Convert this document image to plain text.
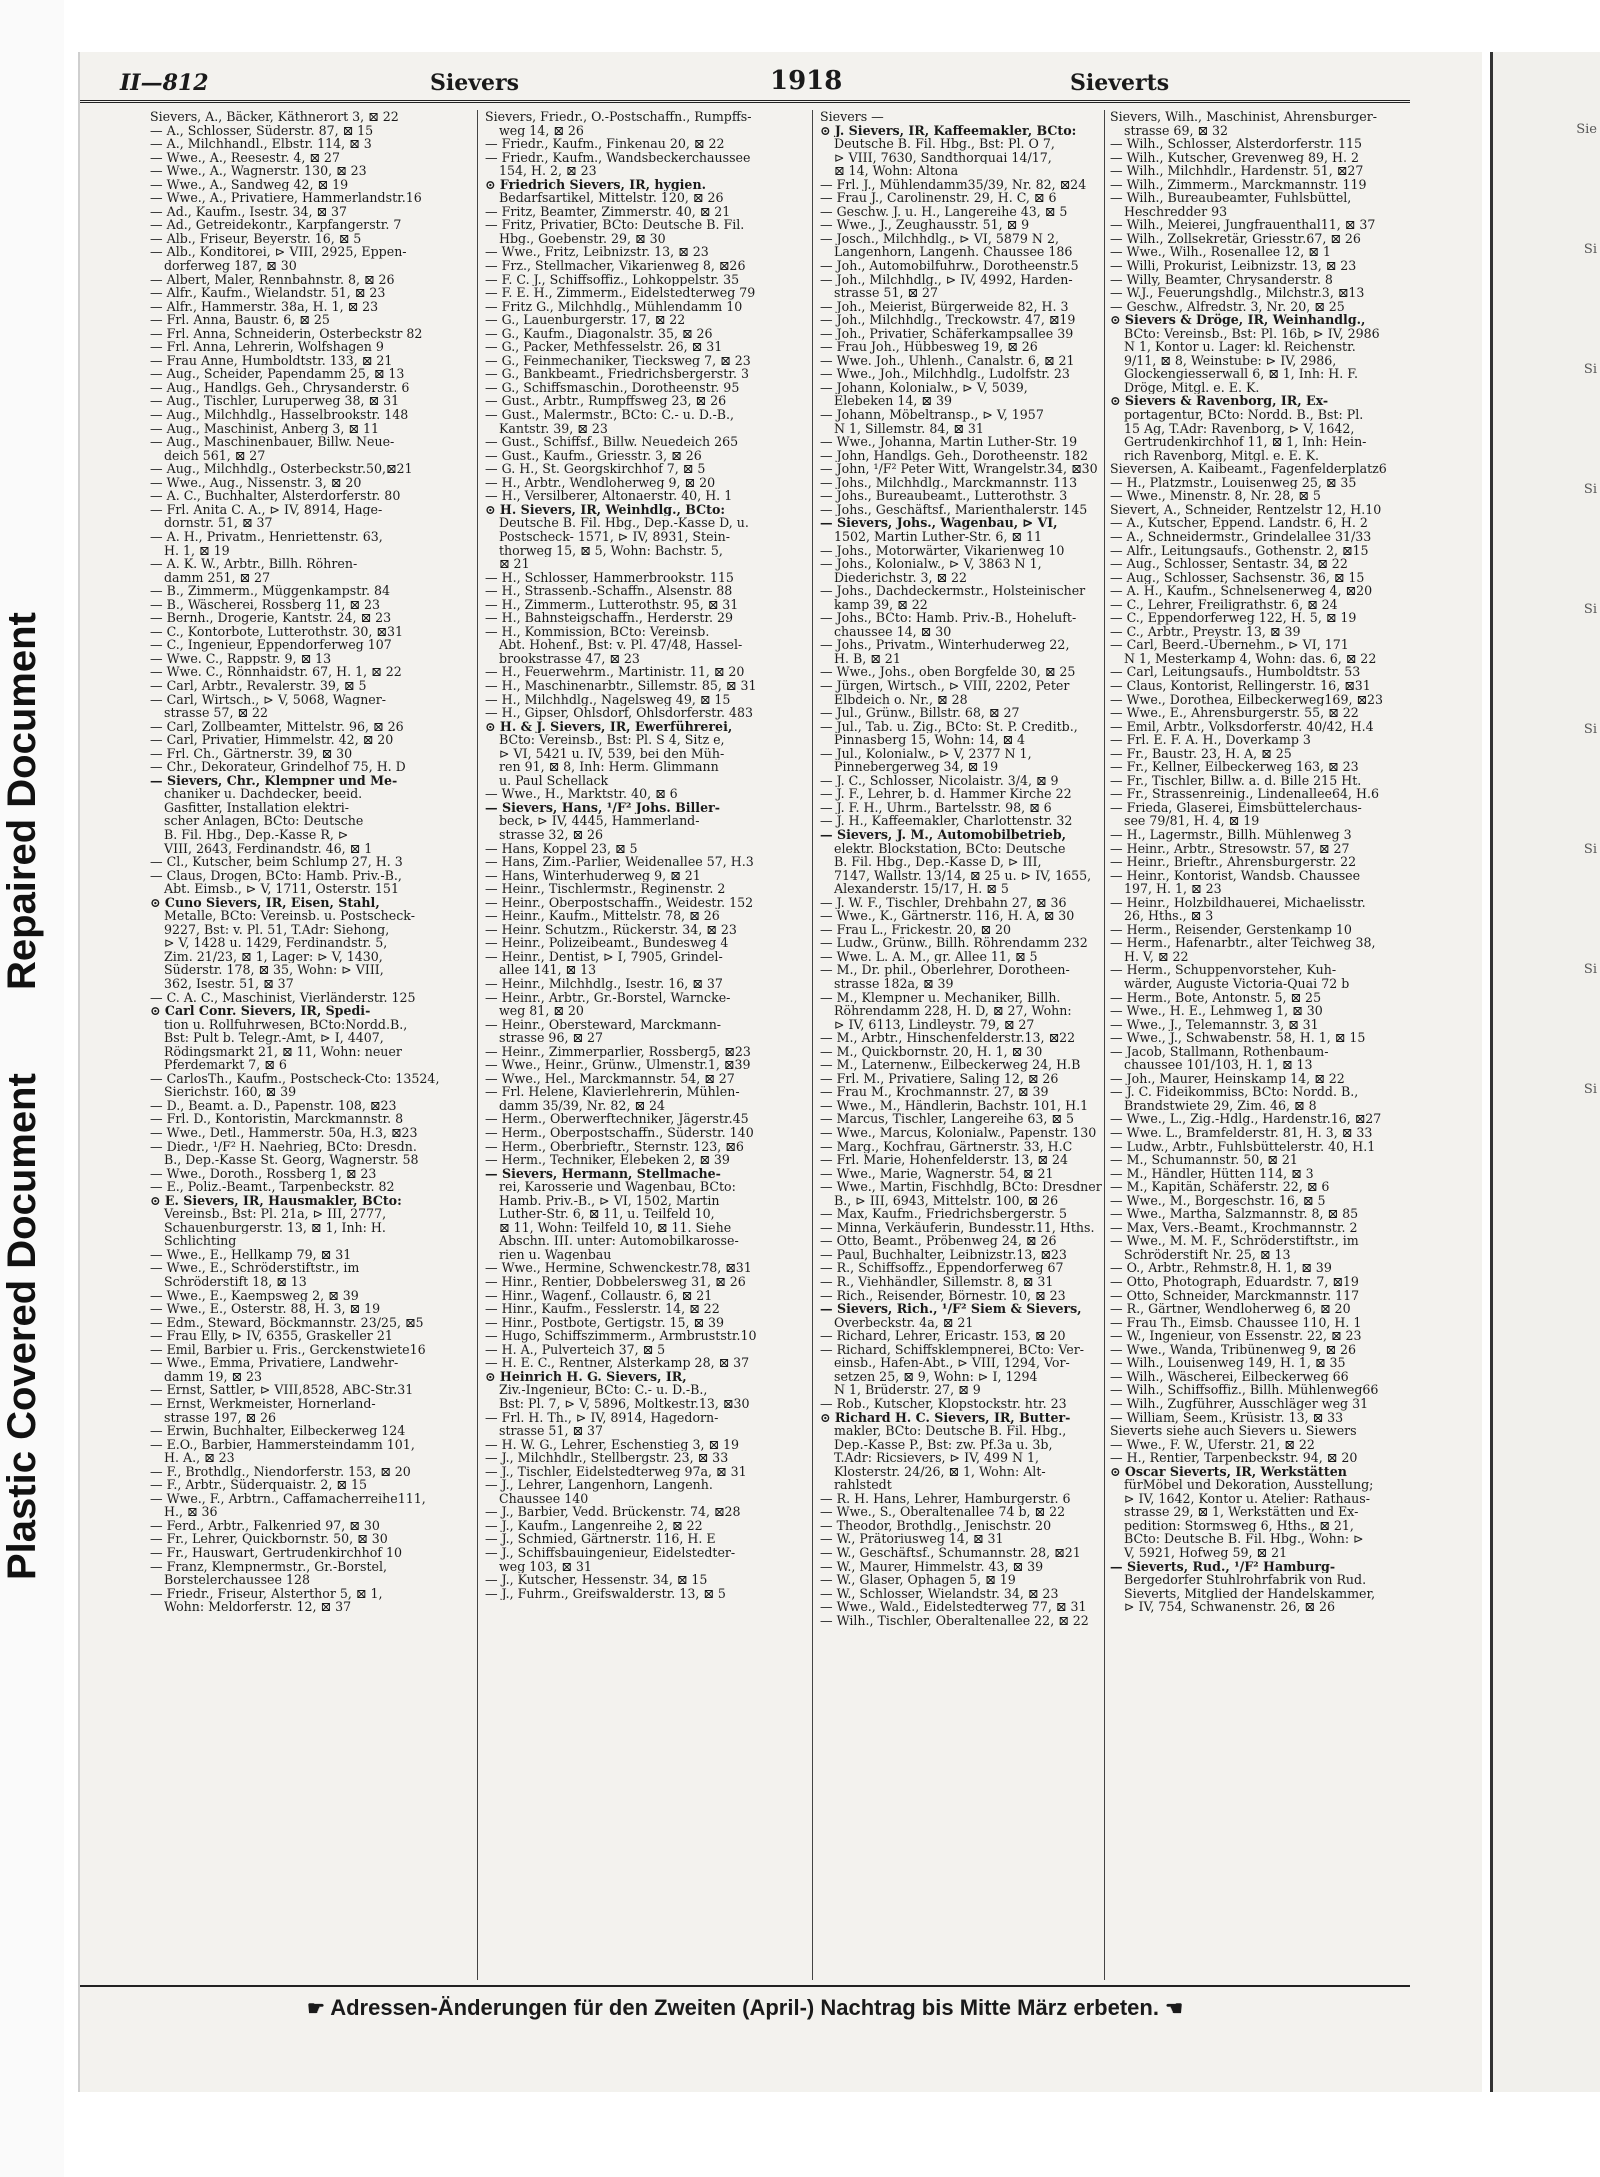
Plastic Covered Document
Repaired Document
Sie
Si
Si
Si
Si
Si
Si
Si
Si
II—812	Sievers	1918	Sieverts
Sievers, A., Bäcker, Käthnerort 3, ⊠ 22
— A., Schlosser, Süderstr. 87, ⊠ 15
— A., Milchhandl., Elbstr. 114, ⊠ 3
— Wwe., A., Reesestr. 4, ⊠ 27
— Wwe., A., Wagnerstr. 130, ⊠ 23
— Wwe., A., Sandweg 42, ⊠ 19
— Wwe., A., Privatiere, Hammerlandstr.16
— Ad., Kaufm., Isestr. 34, ⊠ 37
— Ad., Getreidekontr., Karpfangerstr. 7
— Alb., Friseur, Beyerstr. 16, ⊠ 5
— Alb., Konditorei, ⊳ VIII, 2925, Eppen-
dorferweg 187, ⊠ 30
— Albert, Maler, Rennbahnstr. 8, ⊠ 26
— Alfr., Kaufm., Wielandstr. 51, ⊠ 23
— Alfr., Hammerstr. 38a, H. 1, ⊠ 23
— Frl. Anna, Baustr. 6, ⊠ 25
— Frl. Anna, Schneiderin, Osterbeckstr 82
— Frl. Anna, Lehrerin, Wolfshagen 9
— Frau Anne, Humboldtstr. 133, ⊠ 21
— Aug., Scheider, Papendamm 25, ⊠ 13
— Aug., Handlgs. Geh., Chrysanderstr. 6
— Aug., Tischler, Luruperweg 38, ⊠ 31
— Aug., Milchhdlg., Hasselbrookstr. 148
— Aug., Maschinist, Anberg 3, ⊠ 11
— Aug., Maschinenbauer, Billw. Neue-
deich 561, ⊠ 27
— Aug., Milchhdlg., Osterbeckstr.50,⊠21
— Wwe., Aug., Nissenstr. 3, ⊠ 20
— A. C., Buchhalter, Alsterdorferstr. 80
— Frl. Anita C. A., ⊳ IV, 8914, Hage-
dornstr. 51, ⊠ 37
— A. H., Privatm., Henriettenstr. 63,
H. 1, ⊠ 19
— A. K. W., Arbtr., Billh. Röhren-
damm 251, ⊠ 27
— B., Zimmerm., Müggenkampstr. 84
— B., Wäscherei, Rossberg 11, ⊠ 23
— Bernh., Drogerie, Kantstr. 24, ⊠ 23
— C., Kontorbote, Lutterothstr. 30, ⊠31
— C., Ingenieur, Eppendorferweg 107
— Wwe. C., Rappstr. 9, ⊠ 13
— Wwe. C., Rönnhaidstr. 67, H. 1, ⊠ 22
— Carl, Arbtr., Revalerstr. 39, ⊠ 5
— Carl, Wirtsch., ⊳ V, 5068, Wagner-
strasse 57, ⊠ 22
— Carl, Zollbeamter, Mittelstr. 96, ⊠ 26
— Carl, Privatier, Himmelstr. 42, ⊠ 20
— Frl. Ch., Gärtnerstr. 39, ⊠ 30
— Chr., Dekorateur, Grindelhof 75, H. D
— Sievers, Chr., Klempner und Me-
chaniker u. Dachdecker, beeid.
Gasfitter, Installation elektri-
scher Anlagen, BCto: Deutsche
B. Fil. Hbg., Dep.-Kasse R, ⊳
VIII, 2643, Ferdinandstr. 46, ⊠ 1
— Cl., Kutscher, beim Schlump 27, H. 3
— Claus, Drogen, BCto: Hamb. Priv.-B.,
Abt. Eimsb., ⊳ V, 1711, Osterstr. 151
⊙ Cuno Sievers, IR, Eisen, Stahl,
Metalle, BCto: Vereinsb. u. Postscheck-
9227, Bst: v. Pl. 51, T.Adr: Siehong,
⊳ V, 1428 u. 1429, Ferdinandstr. 5,
Zim. 21/23, ⊠ 1, Lager: ⊳ V, 1430,
Süderstr. 178, ⊠ 35, Wohn: ⊳ VIII,
362, Isestr. 51, ⊠ 37
— C. A. C., Maschinist, Vierländerstr. 125
⊙ Carl Conr. Sievers, IR, Spedi-
tion u. Rollfuhrwesen, BCto:Nordd.B.,
Bst: Pult b. Telegr.-Amt, ⊳ I, 4407,
Rödingsmarkt 21, ⊠ 11, Wohn: neuer
Pferdemarkt 7, ⊠ 6
— CarlosTh., Kaufm., Postscheck-Cto: 13524,
Sierichstr. 160, ⊠ 39
— D., Beamt. a. D., Papenstr. 108, ⊠23
— Frl. D., Kontoristin, Marckmannstr. 8
— Wwe., Detl., Hammerstr. 50a, H.3, ⊠23
— Diedr., ¹/F² H. Naehrieg, BCto: Dresdn.
B., Dep.-Kasse St. Georg, Wagnerstr. 58
— Wwe., Doroth., Rossberg 1, ⊠ 23
— E., Poliz.-Beamt., Tarpenbeckstr. 82
⊙ E. Sievers, IR, Hausmakler, BCto:
Vereinsb., Bst: Pl. 21a, ⊳ III, 2777,
Schauenburgerstr. 13, ⊠ 1, Inh: H.
Schlichting
— Wwe., E., Hellkamp 79, ⊠ 31
— Wwe., E., Schröderstiftstr., im
Schröderstift 18, ⊠ 13
— Wwe., E., Kaempsweg 2, ⊠ 39
— Wwe., E., Osterstr. 88, H. 3, ⊠ 19
— Edm., Steward, Böckmannstr. 23/25, ⊠5
— Frau Elly, ⊳ IV, 6355, Graskeller 21
— Emil, Barbier u. Fris., Gerckenstwiete16
— Wwe., Emma, Privatiere, Landwehr-
damm 19, ⊠ 23
— Ernst, Sattler, ⊳ VIII,8528, ABC-Str.31
— Ernst, Werkmeister, Hornerland-
strasse 197, ⊠ 26
— Erwin, Buchhalter, Eilbeckerweg 124
— E.O., Barbier, Hammersteindamm 101,
H. A., ⊠ 23
— F., Brothdlg., Niendorferstr. 153, ⊠ 20
— F., Arbtr., Süderquaistr. 2, ⊠ 15
— Wwe., F., Arbtrn., Caffamacherreihe111,
H., ⊠ 36
— Ferd., Arbtr., Falkenried 97, ⊠ 30
— Fr., Lehrer, Quickbornstr. 50, ⊠ 30
— Fr., Hauswart, Gertrudenkirchhof 10
— Franz, Klempnermstr., Gr.-Borstel,
Borstelerchaussee 128
— Friedr., Friseur, Alsterthor 5, ⊠ 1,
Wohn: Meldorferstr. 12, ⊠ 37
Sievers, Friedr., O.-Postschaffn., Rumpffs-
weg 14, ⊠ 26
— Friedr., Kaufm., Finkenau 20, ⊠ 22
— Friedr., Kaufm., Wandsbeckerchaussee
154, H. 2, ⊠ 23
⊙ Friedrich Sievers, IR, hygien.
Bedarfsartikel, Mittelstr. 120, ⊠ 26
— Fritz, Beamter, Zimmerstr. 40, ⊠ 21
— Fritz, Privatier, BCto: Deutsche B. Fil.
Hbg., Goebenstr. 29, ⊠ 30
— Wwe., Fritz, Leibnizstr. 13, ⊠ 23
— Frz., Stellmacher, Vikarienweg 8, ⊠26
— F. C. J., Schiffsoffiz., Lohkoppelstr. 35
— F. E. H., Zimmerm., Eidelstedterweg 79
— Fritz G., Milchhdlg., Mühlendamm 10
— G., Lauenburgerstr. 17, ⊠ 22
— G., Kaufm., Diagonalstr. 35, ⊠ 26
— G., Packer, Methfesselstr. 26, ⊠ 31
— G., Feinmechaniker, Tiecksweg 7, ⊠ 23
— G., Bankbeamt., Friedrichsbergerstr. 3
— G., Schiffsmaschin., Dorotheenstr. 95
— Gust., Arbtr., Rumpffsweg 23, ⊠ 26
— Gust., Malermstr., BCto: C.- u. D.-B.,
Kantstr. 39, ⊠ 23
— Gust., Schiffsf., Billw. Neuedeich 265
— Gust., Kaufm., Griesstr. 3, ⊠ 26
— G. H., St. Georgskirchhof 7, ⊠ 5
— H., Arbtr., Wendloherweg 9, ⊠ 20
— H., Versilberer, Altonaerstr. 40, H. 1
⊙ H. Sievers, IR, Weinhdlg., BCto:
Deutsche B. Fil. Hbg., Dep.-Kasse D, u.
Postscheck- 1571, ⊳ IV, 8931, Stein-
thorweg 15, ⊠ 5, Wohn: Bachstr. 5,
⊠ 21
— H., Schlosser, Hammerbrookstr. 115
— H., Strassenb.-Schaffn., Alsenstr. 88
— H., Zimmerm., Lutterothstr. 95, ⊠ 31
— H., Bahnsteigschaffn., Herderstr. 29
— H., Kommission, BCto: Vereinsb.
Abt. Hohenf., Bst: v. Pl. 47/48, Hassel-
brookstrasse 47, ⊠ 23
— H., Feuerwehrm., Martinistr. 11, ⊠ 20
— H., Maschinenarbtr., Sillemstr. 85, ⊠ 31
— H., Milchhdlg., Nagelsweg 49, ⊠ 15
— H., Gipser, Ohlsdorf, Ohlsdorferstr. 483
⊙ H. & J. Sievers, IR, Ewerführerei,
BCto: Vereinsb., Bst: Pl. S 4, Sitz e,
⊳ VI, 5421 u. IV, 539, bei den Müh-
ren 91, ⊠ 8, Inh: Herm. Glimmann
u. Paul Schellack
— Wwe., H., Marktstr. 40, ⊠ 6
— Sievers, Hans, ¹/F² Johs. Biller-
beck, ⊳ IV, 4445, Hammerland-
strasse 32, ⊠ 26
— Hans, Koppel 23, ⊠ 5
— Hans, Zim.-Parlier, Weidenallee 57, H.3
— Hans, Winterhuderweg 9, ⊠ 21
— Heinr., Tischlermstr., Reginenstr. 2
— Heinr., Oberpostschaffn., Weidestr. 152
— Heinr., Kaufm., Mittelstr. 78, ⊠ 26
— Heinr. Schutzm., Rückerstr. 34, ⊠ 23
— Heinr., Polizeibeamt., Bundesweg 4
— Heinr., Dentist, ⊳ I, 7905, Grindel-
allee 141, ⊠ 13
— Heinr., Milchhdlg., Isestr. 16, ⊠ 37
— Heinr., Arbtr., Gr.-Borstel, Warncke-
weg 81, ⊠ 20
— Heinr., Obersteward, Marckmann-
strasse 96, ⊠ 27
— Heinr., Zimmerparlier, Rossberg5, ⊠23
— Wwe., Heinr., Grünw., Ulmenstr.1, ⊠39
— Wwe., Hel., Marckmannstr. 54, ⊠ 27
— Frl. Helene, Klavierlehrerin, Mühlen-
damm 35/39, Nr. 82, ⊠ 24
— Herm., Oberwerftechniker, Jägerstr.45
— Herm., Oberpostschaffn., Süderstr. 140
— Herm., Oberbrieftr., Sternstr. 123, ⊠6
— Herm., Techniker, Elebeken 2, ⊠ 39
— Sievers, Hermann, Stellmache-
rei, Karosserie und Wagenbau, BCto:
Hamb. Priv.-B., ⊳ VI, 1502, Martin
Luther-Str. 6, ⊠ 11, u. Teilfeld 10,
⊠ 11, Wohn: Teilfeld 10, ⊠ 11. Siehe
Abschn. III. unter: Automobilkarosse-
rien u. Wagenbau
— Wwe., Hermine, Schwenckestr.78, ⊠31
— Hinr., Rentier, Dobbelersweg 31, ⊠ 26
— Hinr., Wagenf., Collaustr. 6, ⊠ 21
— Hinr., Kaufm., Fesslerstr. 14, ⊠ 22
— Hinr., Postbote, Gertigstr. 15, ⊠ 39
— Hugo, Schiffszimmerm., Armbruststr.10
— H. A., Pulverteich 37, ⊠ 5
— H. E. C., Rentner, Alsterkamp 28, ⊠ 37
⊙ Heinrich H. G. Sievers, IR,
Ziv.-Ingenieur, BCto: C.- u. D.-B.,
Bst: Pl. 7, ⊳ V, 5896, Moltkestr.13, ⊠30
— Frl. H. Th., ⊳ IV, 8914, Hagedorn-
strasse 51, ⊠ 37
— H. W. G., Lehrer, Eschenstieg 3, ⊠ 19
— J., Milchhdlr., Stellbergstr. 23, ⊠ 33
— J., Tischler, Eidelstedterweg 97a, ⊠ 31
— J., Lehrer, Langenhorn, Langenh.
Chaussee 140
— J., Barbier, Vedd. Brückenstr. 74, ⊠28
— J., Kaufm., Langenreihe 2, ⊠ 22
— J., Schmied, Gärtnerstr. 116, H. E
— J., Schiffsbauingenieur, Eidelstedter-
weg 103, ⊠ 31
— J., Kutscher, Hessenstr. 34, ⊠ 15
— J., Fuhrm., Greifswalderstr. 13, ⊠ 5
Sievers —
⊙ J. Sievers, IR, Kaffeemakler, BCto:
Deutsche B. Fil. Hbg., Bst: Pl. O 7,
⊳ VIII, 7630, Sandthorquai 14/17,
⊠ 14, Wohn: Altona
— Frl. J., Mühlendamm35/39, Nr. 82, ⊠24
— Frau J., Carolinenstr. 29, H. C, ⊠ 6
— Geschw. J. u. H., Langereihe 43, ⊠ 5
— Wwe., J., Zeughausstr. 51, ⊠ 9
— Josch., Milchhdlg., ⊳ VI, 5879 N 2,
Langenhorn, Langenh. Chaussee 186
— Joh., Automobilfuhrw., Dorotheenstr.5
— Joh., Milchhdlg., ⊳ IV, 4992, Harden-
strasse 51, ⊠ 27
— Joh., Meierist, Bürgerweide 82, H. 3
— Joh., Milchhdlg., Treckowstr. 47, ⊠19
— Joh., Privatier, Schäferkampsallee 39
— Frau Joh., Hübbesweg 19, ⊠ 26
— Wwe. Joh., Uhlenh., Canalstr. 6, ⊠ 21
— Wwe., Joh., Milchhdlg., Ludolfstr. 23
— Johann, Kolonialw., ⊳ V, 5039,
Elebeken 14, ⊠ 39
— Johann, Möbeltransp., ⊳ V, 1957
N 1, Sillemstr. 84, ⊠ 31
— Wwe., Johanna, Martin Luther-Str. 19
— John, Handlgs. Geh., Dorotheenstr. 182
— John, ¹/F² Peter Witt, Wrangelstr.34, ⊠30
— Johs., Milchhdlg., Marckmannstr. 113
— Johs., Bureaubeamt., Lutterothstr. 3
— Johs., Geschäftsf., Marienthalerstr. 145
— Sievers, Johs., Wagenbau, ⊳ VI,
1502, Martin Luther-Str. 6, ⊠ 11
— Johs., Motorwärter, Vikarienweg 10
— Johs., Kolonialw., ⊳ V, 3863 N 1,
Diederichstr. 3, ⊠ 22
— Johs., Dachdeckermstr., Holsteinischer
kamp 39, ⊠ 22
— Johs., BCto: Hamb. Priv.-B., Hoheluft-
chaussee 14, ⊠ 30
— Johs., Privatm., Winterhuderweg 22,
H. B, ⊠ 21
— Wwe., Johs., oben Borgfelde 30, ⊠ 25
— Jürgen, Wirtsch., ⊳ VIII, 2202, Peter
Elbdeich o. Nr., ⊠ 28
— Jul., Grünw., Billstr. 68, ⊠ 27
— Jul., Tab. u. Zig., BCto: St. P. Creditb.,
Pinnasberg 15, Wohn: 14, ⊠ 4
— Jul., Kolonialw., ⊳ V, 2377 N 1,
Pinnebergerweg 34, ⊠ 19
— J. C., Schlosser, Nicolaistr. 3/4, ⊠ 9
— J. F., Lehrer, b. d. Hammer Kirche 22
— J. F. H., Uhrm., Bartelsstr. 98, ⊠ 6
— J. H., Kaffeemakler, Charlottenstr. 32
— Sievers, J. M., Automobilbetrieb,
elektr. Blockstation, BCto: Deutsche
B. Fil. Hbg., Dep.-Kasse D, ⊳ III,
7147, Wallstr. 13/14, ⊠ 25 u. ⊳ IV, 1655,
Alexanderstr. 15/17, H. ⊠ 5
— J. W. F., Tischler, Drehbahn 27, ⊠ 36
— Wwe., K., Gärtnerstr. 116, H. A, ⊠ 30
— Frau L., Frickestr. 20, ⊠ 20
— Ludw., Grünw., Billh. Röhrendamm 232
— Wwe. L. A. M., gr. Allee 11, ⊠ 5
— M., Dr. phil., Oberlehrer, Dorotheen-
strasse 182a, ⊠ 39
— M., Klempner u. Mechaniker, Billh.
Röhrendamm 228, H. D, ⊠ 27, Wohn:
⊳ IV, 6113, Lindleystr. 79, ⊠ 27
— M., Arbtr., Hinschenfelderstr.13, ⊠22
— M., Quickbornstr. 20, H. 1, ⊠ 30
— M., Laternenw., Eilbeckerweg 24, H.B
— Frl. M., Privatiere, Saling 12, ⊠ 26
— Frau M., Krochmannstr. 27, ⊠ 39
— Wwe., M., Händlerin, Bachstr. 101, H.1
— Marcus, Tischler, Langereihe 63, ⊠ 5
— Wwe., Marcus, Kolonialw., Papenstr. 130
— Marg., Kochfrau, Gärtnerstr. 33, H.C
— Frl. Marie, Hohenfelderstr. 13, ⊠ 24
— Wwe., Marie, Wagnerstr. 54, ⊠ 21
— Wwe., Martin, Fischhdlg, BCto: Dresdner
B., ⊳ III, 6943, Mittelstr. 100, ⊠ 26
— Max, Kaufm., Friedrichsbergerstr. 5
— Minna, Verkäuferin, Bundesstr.11, Hths.
— Otto, Beamt., Pröbenweg 24, ⊠ 26
— Paul, Buchhalter, Leibnizstr.13, ⊠23
— R., Schiffsoffz., Eppendorferweg 67
— R., Viehhändler, Sillemstr. 8, ⊠ 31
— Rich., Reisender, Börnestr. 10, ⊠ 23
— Sievers, Rich., ¹/F² Siem & Sievers,
Overbeckstr. 4a, ⊠ 21
— Richard, Lehrer, Ericastr. 153, ⊠ 20
— Richard, Schiffsklempnerei, BCto: Ver-
einsb., Hafen-Abt., ⊳ VIII, 1294, Vor-
setzen 25, ⊠ 9, Wohn: ⊳ I, 1294
N 1, Brüderstr. 27, ⊠ 9
— Rob., Kutscher, Klopstockstr. htr. 23
⊙ Richard H. C. Sievers, IR, Butter-
makler, BCto: Deutsche B. Fil. Hbg.,
Dep.-Kasse P., Bst: zw. Pf.3a u. 3b,
T.Adr: Ricsievers, ⊳ IV, 499 N 1,
Klosterstr. 24/26, ⊠ 1, Wohn: Alt-
rahlstedt
— R. H. Hans, Lehrer, Hamburgerstr. 6
— Wwe., S., Oberaltenallee 74 b, ⊠ 22
— Theodor, Brothdlg., Jenischstr. 20
— W., Prätoriusweg 14, ⊠ 31
— W., Geschäftsf., Schumannstr. 28, ⊠21
— W., Maurer, Himmelstr. 43, ⊠ 39
— W., Glaser, Ophagen 5, ⊠ 19
— W., Schlosser, Wielandstr. 34, ⊠ 23
— Wwe., Wald., Eidelstedterweg 77, ⊠ 31
— Wilh., Tischler, Oberaltenallee 22, ⊠ 22
Sievers, Wilh., Maschinist, Ahrensburger-
strasse 69, ⊠ 32
— Wilh., Schlosser, Alsterdorferstr. 115
— Wilh., Kutscher, Grevenweg 89, H. 2
— Wilh., Milchhdlr., Hardenstr. 51, ⊠27
— Wilh., Zimmerm., Marckmannstr. 119
— Wilh., Bureaubeamter, Fuhlsbüttel,
Heschredder 93
— Wilh., Meierei, Jungfrauenthal11, ⊠ 37
— Wilh., Zollsekretär, Griesstr.67, ⊠ 26
— Wwe., Wilh., Rosenallee 12, ⊠ 1
— Willi, Prokurist, Leibnizstr. 13, ⊠ 23
— Willy, Beamter, Chrysanderstr. 8
— W.J., Feuerungshdlg., Milchstr.3, ⊠13
— Geschw., Alfredstr. 3, Nr. 20, ⊠ 25
⊙ Sievers & Dröge, IR, Weinhandlg.,
BCto: Vereinsb., Bst: Pl. 16b, ⊳ IV, 2986
N 1, Kontor u. Lager: kl. Reichenstr.
9/11, ⊠ 8, Weinstube: ⊳ IV, 2986,
Glockengiesserwall 6, ⊠ 1, Inh: H. F.
Dröge, Mitgl. e. E. K.
⊙ Sievers & Ravenborg, IR, Ex-
portagentur, BCto: Nordd. B., Bst: Pl.
15 Ag, T.Adr: Ravenborg, ⊳ V, 1642,
Gertrudenkirchhof 11, ⊠ 1, Inh: Hein-
rich Ravenborg, Mitgl. e. E. K.
Sieversen, A. Kaibeamt., Fagenfelderplatz6
— H., Platzmstr., Louisenweg 25, ⊠ 35
— Wwe., Minenstr. 8, Nr. 28, ⊠ 5
Sievert, A., Schneider, Rentzelstr 12, H.10
— A., Kutscher, Eppend. Landstr. 6, H. 2
— A., Schneidermstr., Grindelallee 31/33
— Alfr., Leitungsaufs., Gothenstr. 2, ⊠15
— Aug., Schlosser, Sentastr. 34, ⊠ 22
— Aug., Schlosser, Sachsenstr. 36, ⊠ 15
— A. H., Kaufm., Schnelsenerweg 4, ⊠20
— C., Lehrer, Freiligrathstr. 6, ⊠ 24
— C., Eppendorferweg 122, H. 5, ⊠ 19
— C., Arbtr., Preystr. 13, ⊠ 39
— Carl, Beerd.-Übernehm., ⊳ VI, 171
N 1, Mesterkamp 4, Wohn: das. 6, ⊠ 22
— Carl, Leitungsaufs., Humboldtstr. 53
— Claus, Kontorist, Rellingerstr. 16, ⊠31
— Wwe., Dorothea, Eilbeckerweg169, ⊠23
— Wwe., E., Ahrensburgerstr. 55, ⊠ 22
— Emil, Arbtr., Volksdorferstr. 40/42, H.4
— Frl. E. F. A. H., Doverkamp 3
— Fr., Baustr. 23, H. A, ⊠ 25
— Fr., Kellner, Eilbeckerweg 163, ⊠ 23
— Fr., Tischler, Billw. a. d. Bille 215 Ht.
— Fr., Strassenreinig., Lindenallee64, H.6
— Frieda, Glaserei, Eimsbüttelerchaus-
see 79/81, H. 4, ⊠ 19
— H., Lagermstr., Billh. Mühlenweg 3
— Heinr., Arbtr., Stresowstr. 57, ⊠ 27
— Heinr., Brieftr., Ahrensburgerstr. 22
— Heinr., Kontorist, Wandsb. Chaussee
197, H. 1, ⊠ 23
— Heinr., Holzbildhauerei, Michaelisstr.
26, Hths., ⊠ 3
— Herm., Reisender, Gerstenkamp 10
— Herm., Hafenarbtr., alter Teichweg 38,
H. V, ⊠ 22
— Herm., Schuppenvorsteher, Kuh-
wärder, Auguste Victoria-Quai 72 b
— Herm., Bote, Antonstr. 5, ⊠ 25
— Wwe., H. E., Lehmweg 1, ⊠ 30
— Wwe., J., Telemannstr. 3, ⊠ 31
— Wwe., J., Schwabenstr. 58, H. 1, ⊠ 15
— Jacob, Stallmann, Rothenbaum-
chaussee 101/103, H. 1, ⊠ 13
— Joh., Maurer, Heinskamp 14, ⊠ 22
— J. C. Fideikommiss, BCto: Nordd. B.,
Brandstwiete 29, Zim. 46, ⊠ 8
— Wwe., L., Zig.-Hdlg., Hardenstr.16, ⊠27
— Wwe. L., Bramfelderstr. 81, H. 3, ⊠ 33
— Ludw., Arbtr., Fuhlsbüttelerstr. 40, H.1
— M., Schumannstr. 50, ⊠ 21
— M., Händler, Hütten 114, ⊠ 3
— M., Kapitän, Schäferstr. 22, ⊠ 6
— Wwe., M., Borgeschstr. 16, ⊠ 5
— Wwe., Martha, Salzmannstr. 8, ⊠ 85
— Max, Vers.-Beamt., Krochmannstr. 2
— Wwe., M. M. F., Schröderstiftstr., im
Schröderstift Nr. 25, ⊠ 13
— O., Arbtr., Rehmstr.8, H. 1, ⊠ 39
— Otto, Photograph, Eduardstr. 7, ⊠19
— Otto, Schneider, Marckmannstr. 117
— R., Gärtner, Wendloherweg 6, ⊠ 20
— Frau Th., Eimsb. Chaussee 110, H. 1
— W., Ingenieur, von Essenstr. 22, ⊠ 23
— Wwe., Wanda, Tribünenweg 9, ⊠ 26
— Wilh., Louisenweg 149, H. 1, ⊠ 35
— Wilh., Wäscherei, Eilbeckerweg 66
— Wilh., Schiffsoffiz., Billh. Mühlenweg66
— Wilh., Zugführer, Ausschläger weg 31
— William, Seem., Krüsistr. 13, ⊠ 33
Sieverts siehe auch Sievers u. Siewers
— Wwe., F. W., Uferstr. 21, ⊠ 22
— H., Rentier, Tarpenbeckstr. 94, ⊠ 20
⊙ Oscar Sieverts, IR, Werkstätten
fürMöbel und Dekoration, Ausstellung;
⊳ IV, 1642, Kontor u. Atelier: Rathaus-
strasse 29, ⊠ 1, Werkstätten und Ex-
pedition: Stormsweg 6, Hths., ⊠ 21,
BCto: Deutsche B. Fil. Hbg., Wohn: ⊳
V, 5921, Hofweg 59, ⊠ 21
— Sieverts, Rud., ¹/F² Hamburg-
Bergedorfer Stuhlrohrfabrik von Rud.
Sieverts, Mitglied der Handelskammer,
⊳ IV, 754, Schwanenstr. 26, ⊠ 26
☛ Adressen-Änderungen für den Zweiten (April-) Nachtrag bis Mitte März erbeten. ☚
